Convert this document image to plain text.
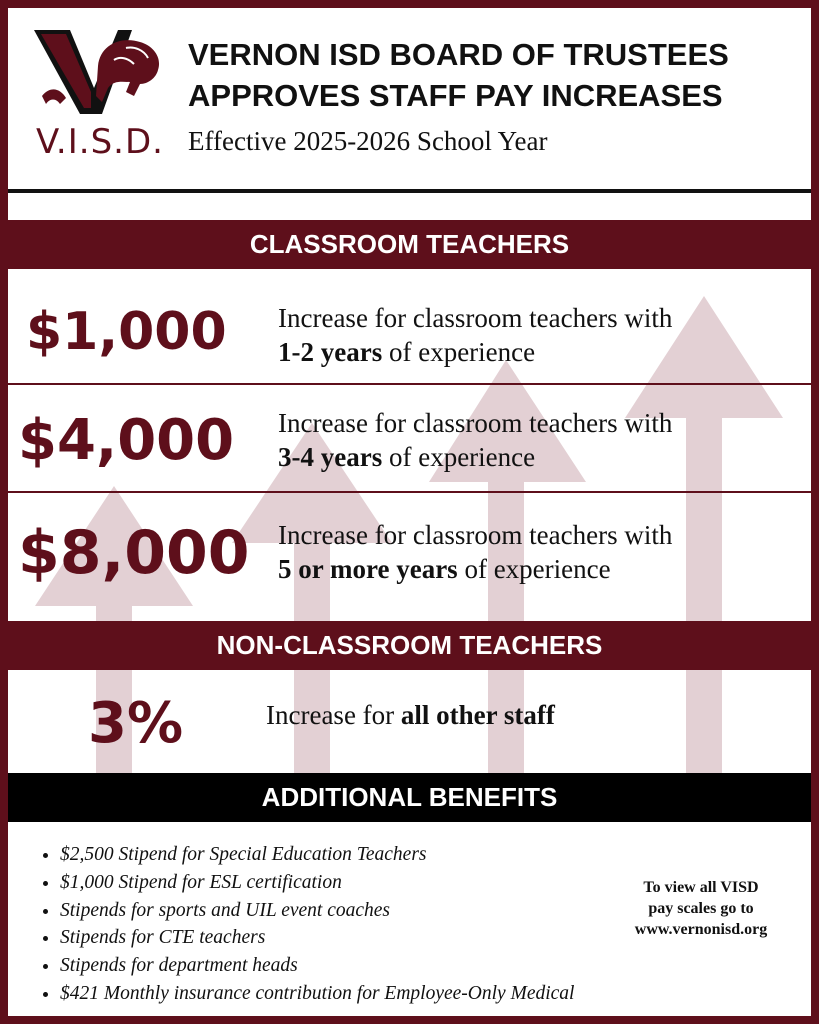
V.I.S.D.
VERNON ISD BOARD OF TRUSTEES
APPROVES STAFF PAY INCREASES
Effective 2025-2026 School Year
CLASSROOM TEACHERS
$1,000 Increase for classroom teachers with
1-2 years of experience
$4,000 Increase for classroom teachers with
3-4 years of experience
$8,000 Increase for classroom teachers with
5 or more years of experience
NON-CLASSROOM TEACHERS
3%	Increase for all other staff
ADDITIONAL BENEFITS
• $2,500 Stipend for Special Education Teachers
• $1,000 Stipend for ESL certification
• Stipends for sports and UIL event coaches
• Stipends for CTE teachers
• Stipends for department heads
• $421 Monthly insurance contribution for Employee-Only Medical
To view all VISD
pay scales go to
www.vernonisd.org
